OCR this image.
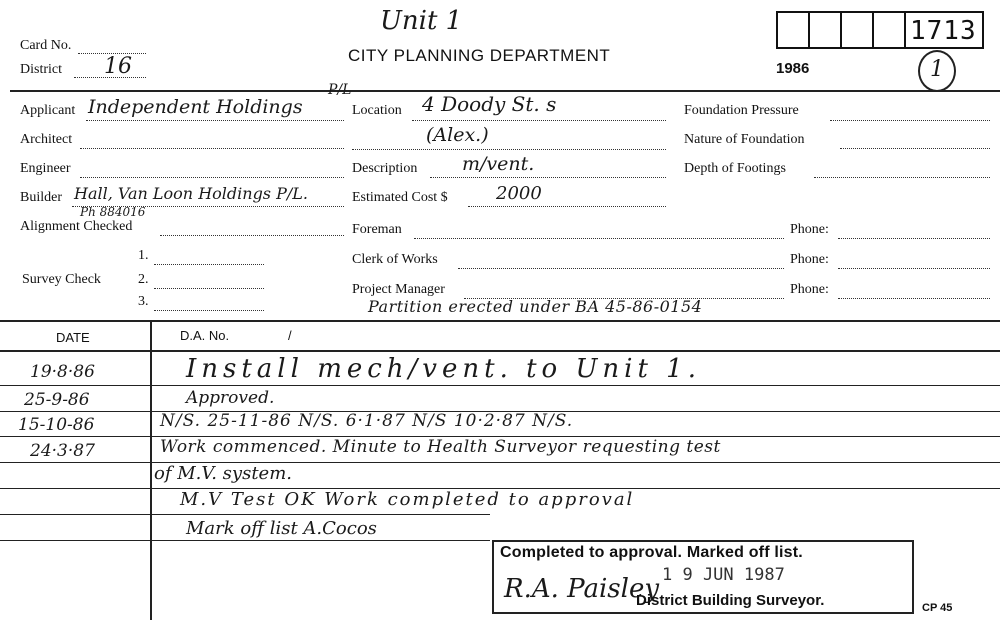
Unit 1
Card No.
District 16	CITY PLANNING DEPARTMENT
1986
1713
1
Applicant Independent Holdings
P/L
Architect
Engineer
Builder Hall, Van Loon Holdings P/L.
Ph 884016
Alignment Checked
1.
Survey Check	2.
3.
Location 4 Doody St. s
(Alex.)
Description m/vent.
Estimated Cost $	2000
Foreman
Clerk of Works
Project Manager
Partition erected under BA 45-86-0154
Foundation Pressure
Nature of Foundation
Depth of Footings
Phone:
Phone:
Phone:
DATE	D.A. No.	/
19·8·86	Install mech/vent. to Unit 1.
25-9-86	Approved.
15-10-86	N/S. 25-11-86 N/S. 6·1·87 N/S 10·2·87 N/S.
24·3·87	Work commenced. Minute to Health Surveyor requesting test
of M.V. system.
M.V Test OK Work completed to approval
Mark off list A.Cocos
Completed to approval. Marked off list.
1 9 JUN 1987
R.A. Paisley
District Building Surveyor.	CP 45
